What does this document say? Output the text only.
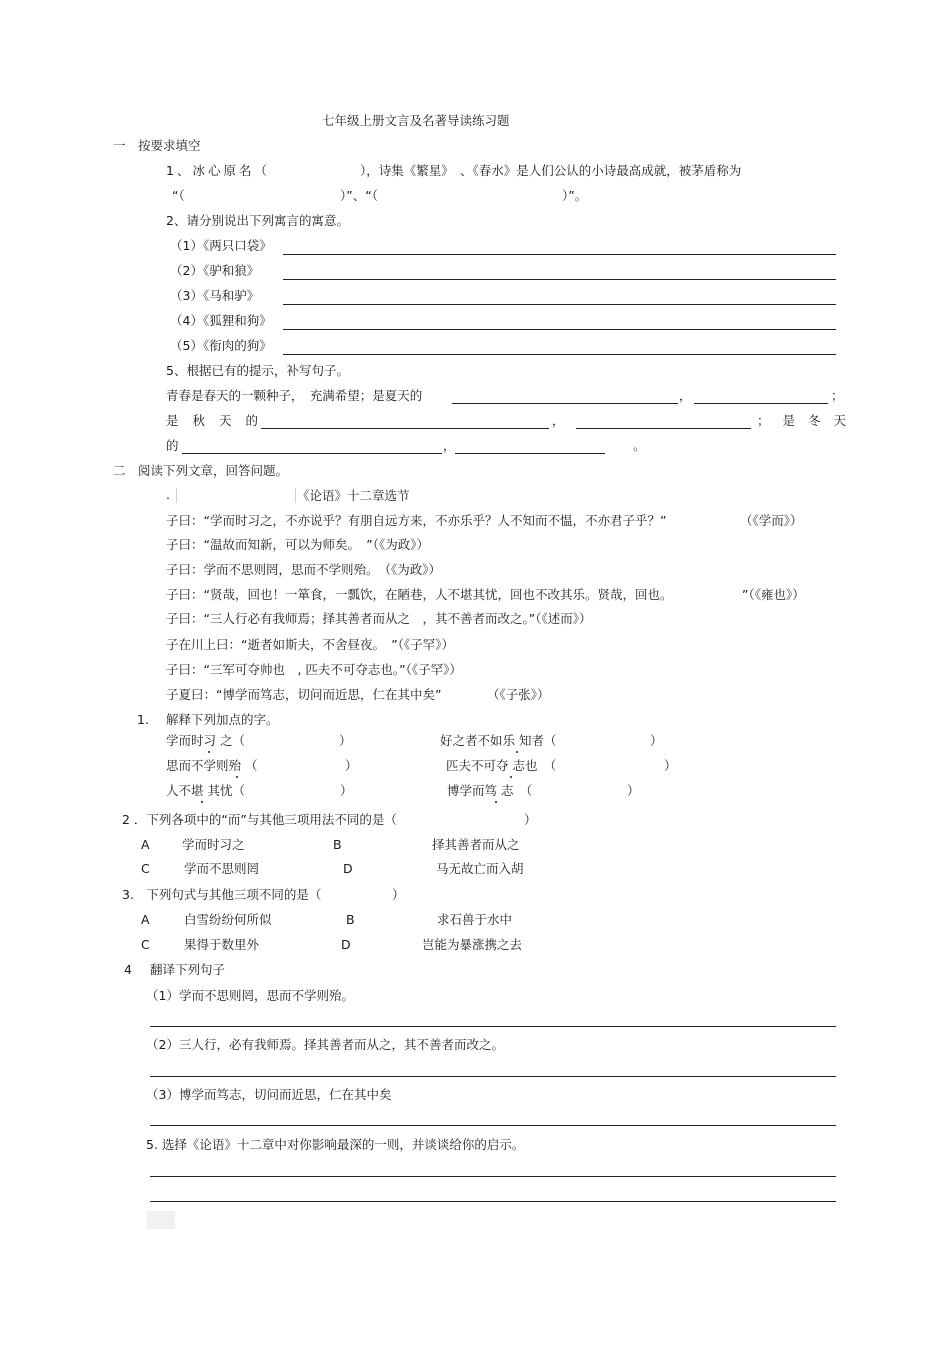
七年级上册文言及名著导读练习题
一　按要求填空
1、冰心原名（	），诗集《繁星》　、《春水》是人们公认的小诗最高成就，被茅盾称为
“（	）”、“（	）”。
2、请分别说出下列寓言的寓意。
（1）《两只口袋》
（2）《驴和狼》
（3）《马和驴》
（4）《狐狸和狗》
（5）《衔肉的狗》
5、根据已有的提示，补写句子。
青春是春天的一颗种子，　充满希望；是夏天的	，	；
是秋天的	，	；是冬天
的	，	。
二　阅读下列文章，回答问题。
.	《论语》十二章选节
子曰：“学而时习之，不亦说乎？有朋自远方来，不亦乐乎？人不知而不愠，不亦君子乎？”	（《学而》）
子曰：“温故而知新，可以为师矣。　”（《为政》）
子曰：学而不思则罔，思而不学则殆。　（《为政》）
子曰：“贤哉，回也！一箪食，一瓢饮，在陋巷，人不堪其忧，回也不改其乐。贤哉，回也。	”（《雍也》）
子曰：“三人行必有我师焉；择其善者而从之　，其不善者而改之。”（《述而》）
子在川上曰：“逝者如斯夫，不舍昼夜。　”（《子罕》）
子曰：“三军可夺帅也　, 匹夫不可夺志也。”（《子罕》）
子夏曰：“博学而笃志，切问而近思，仁在其中矣”	（《子张》）
1. 解释下列加点的字。
学而时习 之（	）	好之者不如乐 知者（	）
思而不学则殆 （	）	匹夫不可夺 志也　（	）
人不堪 其忧（	）	博学而笃 志　（	）
2 ．下列各项中的“而”与其他三项用法不同的是（	）
A	学而时习之	B	择其善者而从之
C	学而不思则罔	D	马无故亡而入胡
3.　下列句式与其他三项不同的是（	）
A	白雪纷纷何所似	B	求石兽于水中
C	果得于数里外	D	岂能为暴涨携之去
4 翻译下列句子
（1）学而不思则罔，思而不学则殆。
（2）三人行，必有我师焉。择其善者而从之，其不善者而改之。
（3）博学而笃志，切问而近思，仁在其中矣
5. 选择《论语》十二章中对你影响最深的一则，并谈谈给你的启示。
